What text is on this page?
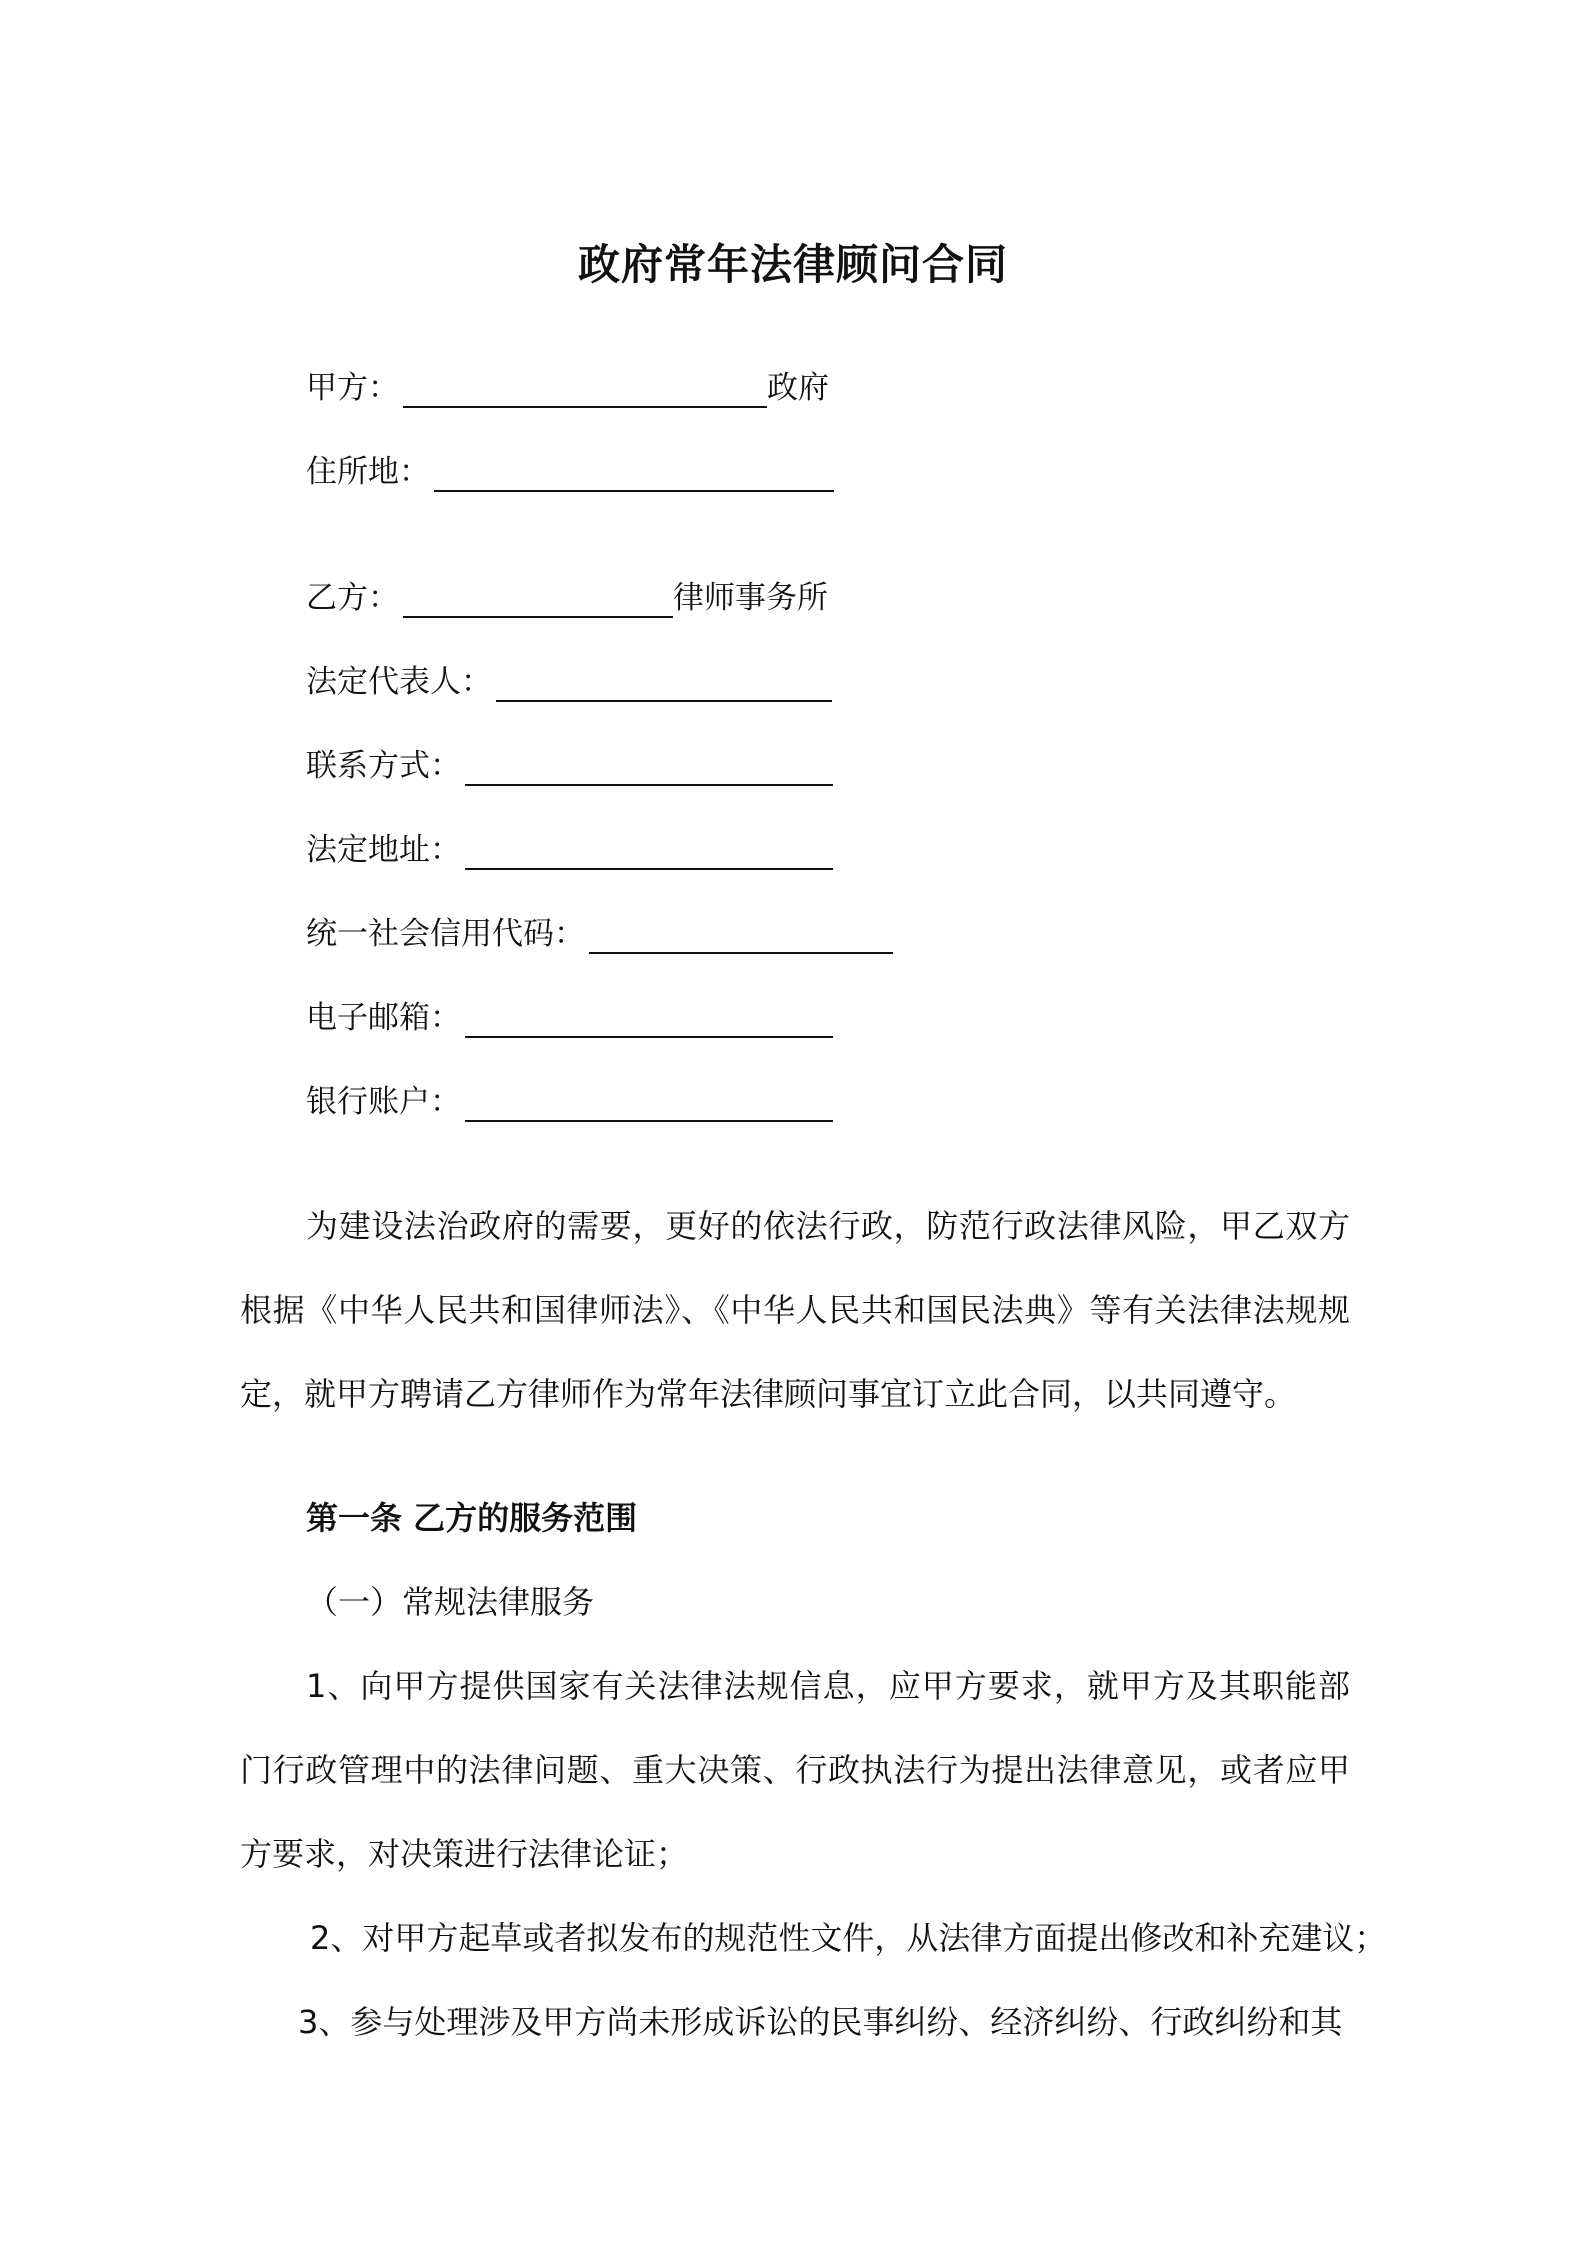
政府常年法律顾问合同
甲方：	政府
住所地：
乙方：	律师事务所
法定代表人：
联系方式：
法定地址：
统一社会信用代码：
电子邮箱：
银行账户：
为建设法治政府的需要，更好的依法行政，防范行政法律风险，甲乙双方根据《中华人民共和国律师法》、《中华人民共和国民法典》等有关法律法规规定，就甲方聘请乙方律师作为常年法律顾问事宜订立此合同，以共同遵守。
第一条 乙方的服务范围
（一）常规法律服务
1、向甲方提供国家有关法律法规信息，应甲方要求，就甲方及其职能部门行政管理中的法律问题、重大决策、行政执法行为提出法律意见，或者应甲方要求，对决策进行法律论证；
2、对甲方起草或者拟发布的规范性文件，从法律方面提出修改和补充建议；
3、参与处理涉及甲方尚未形成诉讼的民事纠纷、经济纠纷、行政纠纷和其
